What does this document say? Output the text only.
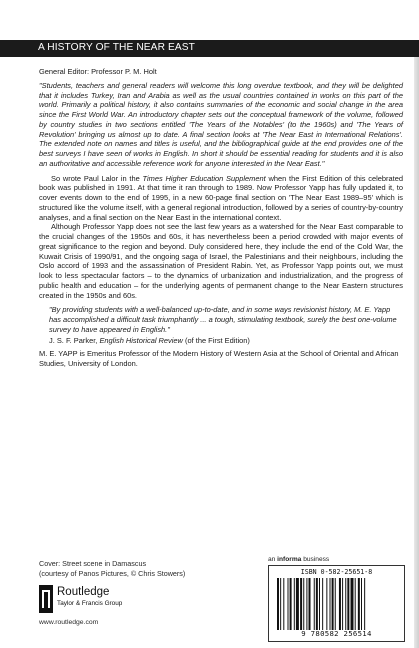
A HISTORY OF THE NEAR EAST

General Editor: Professor P. M. Holt

"Students, teachers and general readers will welcome this long overdue textbook, and they will be delighted that it includes Turkey, Iran and Arabia as well as the usual countries contained in works on this part of the world. Primarily a political history, it also contains summaries of the economic and social change in the area since the First World War. An introductory chapter sets out the conceptual framework of the volume, followed by country studies in two sections entitled 'The Years of the Notables' (to the 1960s) and 'The Years of Revolution' bringing us almost up to date. A final section looks at 'The Near East in International Relations'. The extended note on names and titles is useful, and the bibliographical guide at the end provides one of the best surveys I have seen of works in English. In short it should be essential reading for students and it is also an authoritative and accessible reference work for anyone interested in the Near East."

So wrote Paul Lalor in the Times Higher Education Supplement when the First Edition of this celebrated book was published in 1991. At that time it ran through to 1989. Now Professor Yapp has fully updated it, to cover events down to the end of 1995, in a new 60-page final section on 'The Near East 1989–95' which is structured like the volume itself, with a general regional introduction, followed by a series of country-by-country analyses, and a final section on the Near East in the international context.

Although Professor Yapp does not see the last few years as a watershed for the Near East comparable to the crucial changes of the 1950s and 60s, it has nevertheless been a period crowded with major events of great significance to the region and beyond. Duly considered here, they include the end of the Cold War, the Kuwait Crisis of 1990/91, and the ongoing saga of Israel, the Palestinians and their neighbours, including the Oslo accord of 1993 and the assassination of President Rabin. Yet, as Professor Yapp points out, we must look to less spectacular factors – to the dynamics of urbanization and industrialization, and the progress of public health and education – for the underlying agents of permanent change to the Near Eastern structures created in the 1950s and 60s.

"By providing students with a well-balanced up-to-date, and in some ways revisionist history, M. E. Yapp has accomplished a difficult task triumphantly ... a tough, stimulating textbook, surely the best one-volume survey to have appeared in English."

J. S. F. Parker, English Historical Review (of the First Edition)

M. E. YAPP is Emeritus Professor of the Modern History of Western Asia at the School of Oriental and African Studies, University of London.

Cover: Street scene in Damascus
(courtesy of Panos Pictures, © Chris Stowers)
Routledge
Taylor & Francis Group
www.routledge.com
an informa business
ISBN 0-582-25651-8
9 780582 256514
